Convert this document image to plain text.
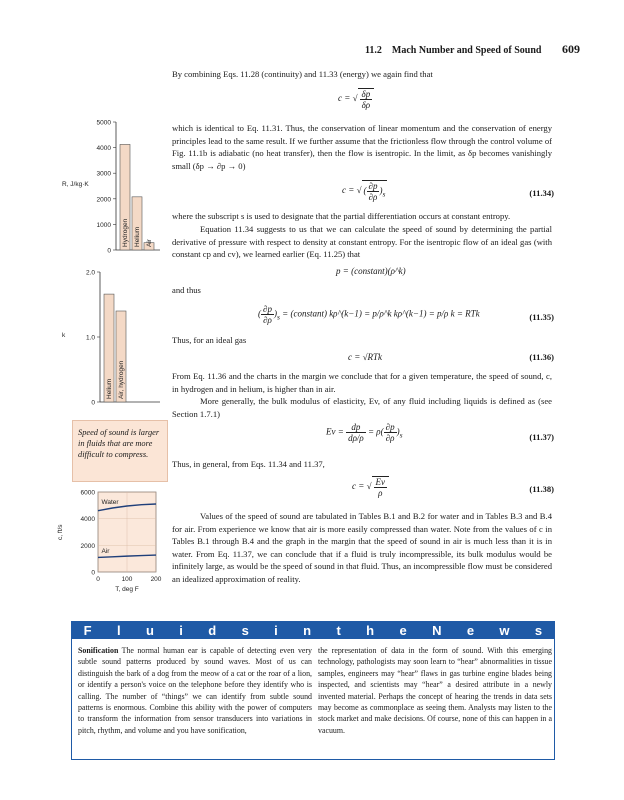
11.2 Mach Number and Speed of Sound 609
By combining Eqs. 11.28 (continuity) and 11.33 (energy) we again find that
c = √ $\frac{\delta p}{\delta\rho}$
which is identical to Eq. 11.31. Thus, the conservation of linear momentum and the conservation of energy principles lead to the same result. If we further assume that the frictionless flow through the control volume of Fig. 11.1b is adiabatic (no heat transfer), then the flow is isentropic. In the limit, as δp becomes vanishingly small (δp → ∂p → 0)
c = √ ( $\frac{\partial p}{\partial\rho} )_s$	(11.34)
where the subscript s is used to designate that the partial differentiation occurs at constant entropy.
Equation 11.34 suggests to us that we can calculate the speed of sound by determining the partial derivative of pressure with respect to density at constant entropy. For the isentropic flow of an ideal gas (with constant cp and cv), we learned earlier (Eq. 11.25) that
p = (constant)(ρ^k)
and thus
( $\frac{\partial p}{\partial\rho} )_s$ = (constant) kρ^(k−1) = p/ρ^k kρ^(k−1) = p/ρ k = RTk	(11.35)
Thus, for an ideal gas
c = √RTk	(11.36)
From Eq. 11.36 and the charts in the margin we conclude that for a given temperature, the speed of sound, c, in hydrogen and in helium, is higher than in air.
More generally, the bulk modulus of elasticity, Ev, of any fluid including liquids is defined as (see Section 1.7.1)
$E\nu = \frac{dp}{d\rho/\rho} = \rho( \frac{\partial p}{\partial\rho} )_s$	(11.37)
Thus, in general, from Eqs. 11.34 and 11.37,
c = √ $\frac{E\nu}{\rho}$	(11.38)
Values of the speed of sound are tabulated in Tables B.1 and B.2 for water and in Tables B.3 and B.4 for air. From experience we know that air is more easily compressed than water. Note from the values of c in Tables B.1 through B.4 and the graph in the margin that the speed of sound in air is much less than it is in water. From Eq. 11.37, we can conclude that if a fluid is truly incompressible, its bulk modulus would be infinitely large, as would be the speed of sound in that fluid. Thus, an incompressible flow must be considered an idealized approximation of reality.
5000
4000
3000
2000
1000
0
Hydrogen Helium Air
R, J/kg·K
2.0
1.0
0
Helium Air, hydrogen
k
Speed of sound is larger in fluids that are more difficult to compress.
6000
4000
2000
0
0	100	200
Water
Air
c, ft/s
T, deg F
F l u i d s i n t h e N e w s
Sonification The normal human ear is capable of detecting even very subtle sound patterns produced by sound waves. Most of us can distinguish the bark of a dog from the meow of a cat or the roar of a lion, or identify a person's voice on the telephone before they identify who is calling. The number of “things” we can identify from subtle sound patterns is enormous. Combine this ability with the power of computers to transform the information from sensor transducers into variations in pitch, rhythm, and volume and you have sonification,
the representation of data in the form of sound. With this emerging technology, pathologists may soon learn to “hear” abnormalities in tissue samples, engineers may “hear” flaws in gas turbine engine blades being inspected, and scientists may “hear” a desired attribute in a newly invented material. Perhaps the concept of hearing the trends in data sets may become as commonplace as seeing them. Analysts may listen to the stock market and make decisions. Of course, none of this can happen in a vacuum.
